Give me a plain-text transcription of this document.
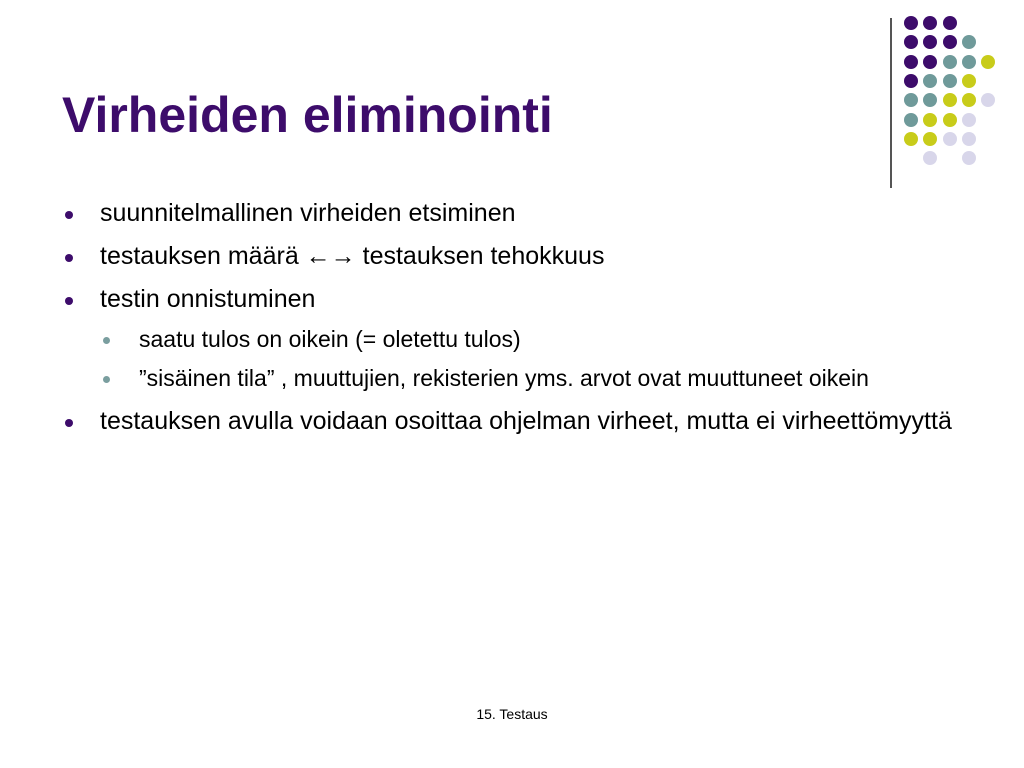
Virheiden eliminointi
suunnitelmallinen virheiden etsiminen
testauksen määrä ←→ testauksen tehokkuus
testin onnistuminen
saatu tulos on oikein (= oletettu tulos)
”sisäinen tila” , muuttujien, rekisterien yms. arvot ovat muuttuneet oikein
testauksen avulla voidaan osoittaa ohjelman virheet, mutta ei virheettömyyttä
15. Testaus
